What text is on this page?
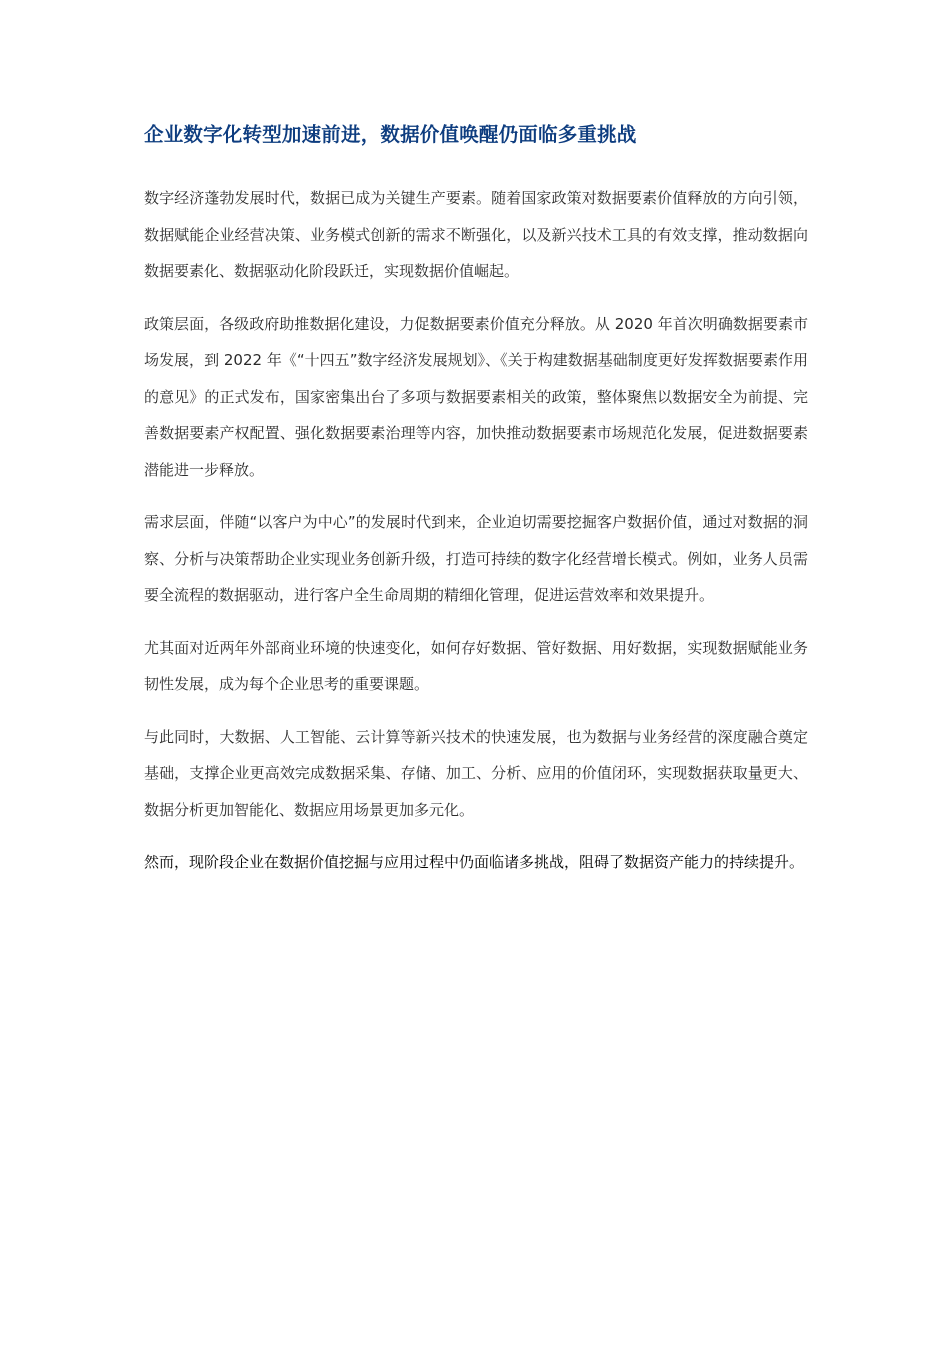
企业数字化转型加速前进，数据价值唤醒仍面临多重挑战

数字经济蓬勃发展时代，数据已成为关键生产要素。随着国家政策对数据要素价值释放的方向引领，数据赋能企业经营决策、业务模式创新的需求不断强化，以及新兴技术工具的有效支撑，推动数据向数据要素化、数据驱动化阶段跃迁，实现数据价值崛起。

政策层面，各级政府助推数据化建设，力促数据要素价值充分释放。从 2020 年首次明确数据要素市场发展，到 2022 年《“十四五”数字经济发展规划》、《关于构建数据基础制度更好发挥数据要素作用的意见》的正式发布，国家密集出台了多项与数据要素相关的政策，整体聚焦以数据安全为前提、完善数据要素产权配置、强化数据要素治理等内容，加快推动数据要素市场规范化发展，促进数据要素潜能进一步释放。

需求层面，伴随“以客户为中心”的发展时代到来，企业迫切需要挖掘客户数据价值，通过对数据的洞察、分析与决策帮助企业实现业务创新升级，打造可持续的数字化经营增长模式。例如，业务人员需要全流程的数据驱动，进行客户全生命周期的精细化管理，促进运营效率和效果提升。

尤其面对近两年外部商业环境的快速变化，如何存好数据、管好数据、用好数据，实现数据赋能业务韧性发展，成为每个企业思考的重要课题。

与此同时，大数据、人工智能、云计算等新兴技术的快速发展，也为数据与业务经营的深度融合奠定基础，支撑企业更高效完成数据采集、存储、加工、分析、应用的价值闭环，实现数据获取量更大、数据分析更加智能化、数据应用场景更加多元化。

然而，现阶段企业在数据价值挖掘与应用过程中仍面临诸多挑战，阻碍了数据资产能力的持续提升。
